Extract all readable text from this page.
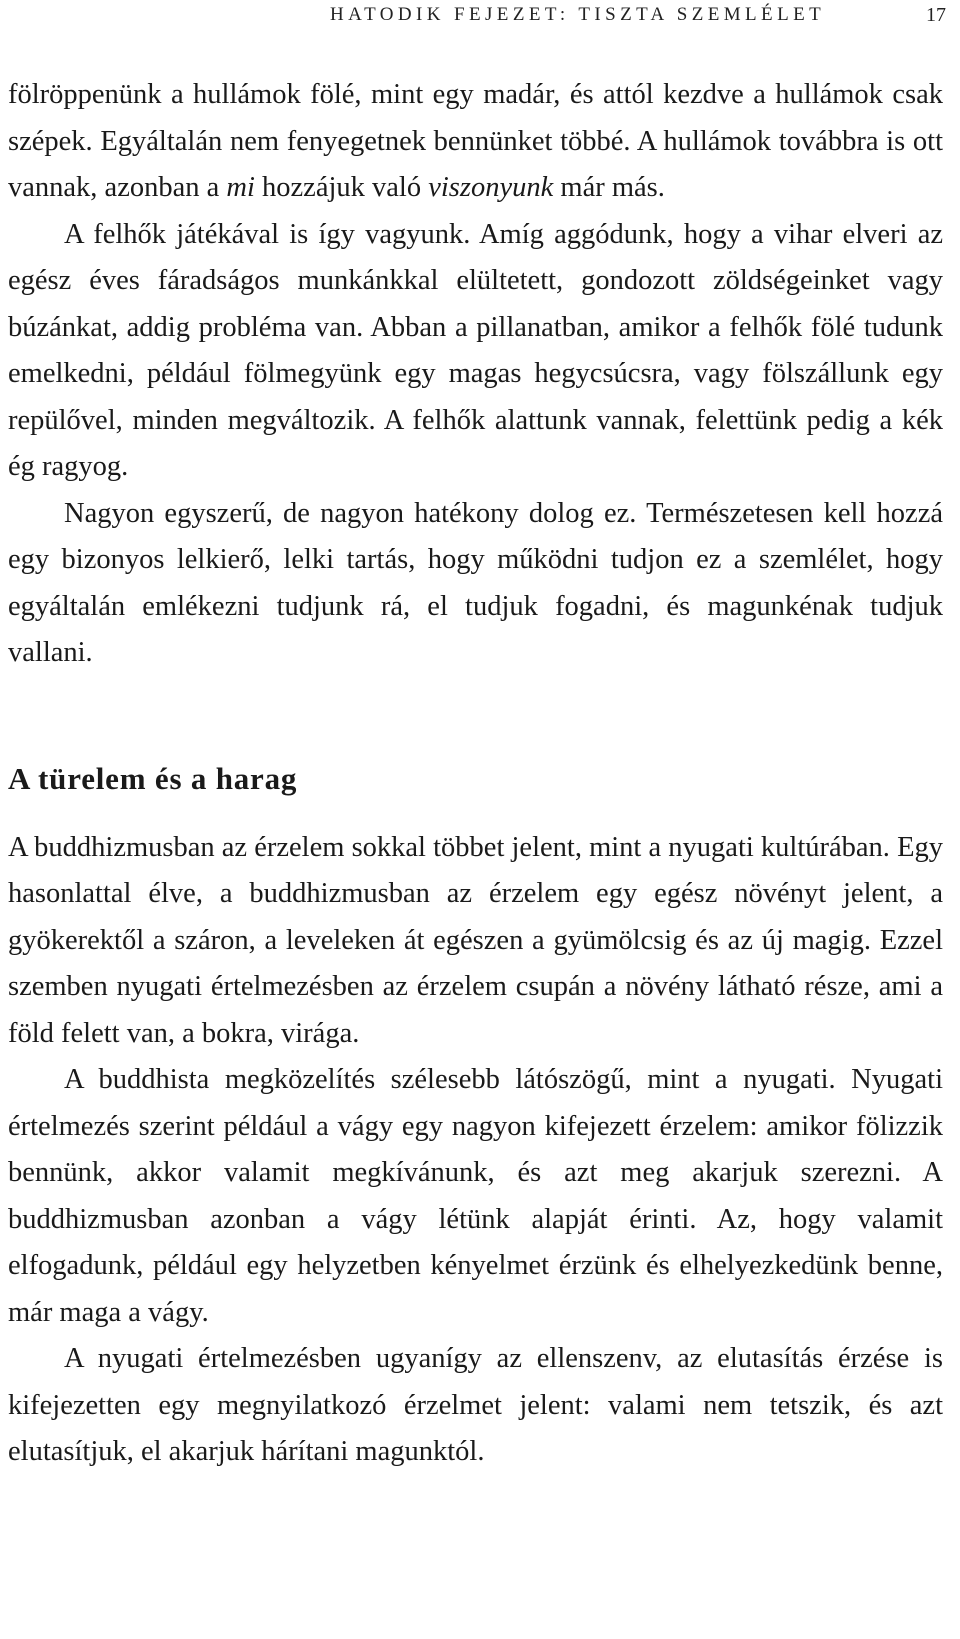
HATODIK FEJEZET: TISZTA SZEMLÉLET	17

fölröppenünk a hullámok fölé, mint egy madár, és attól kezdve a hullámok csak szépek. Egyáltalán nem fenyegetnek bennünket többé. A hullámok továbbra is ott vannak, azonban a mi hozzájuk való viszonyunk már más.

A felhők játékával is így vagyunk. Amíg aggódunk, hogy a vihar elveri az egész éves fáradságos munkánkkal elültetett, gondozott zöldségeinket vagy búzánkat, addig probléma van. Abban a pillanatban, amikor a felhők fölé tudunk emelkedni, például fölmegyünk egy magas hegycsúcsra, vagy fölszállunk egy repülővel, minden megváltozik. A felhők alattunk vannak, felettünk pedig a kék ég ragyog.

Nagyon egyszerű, de nagyon hatékony dolog ez. Természetesen kell hozzá egy bizonyos lelkierő, lelki tartás, hogy működni tudjon ez a szemlélet, hogy egyáltalán emlékezni tudjunk rá, el tudjuk fogadni, és magunkénak tudjuk vallani.

A türelem és a harag

A buddhizmusban az érzelem sokkal többet jelent, mint a nyugati kultúrában. Egy hasonlattal élve, a buddhizmusban az érzelem egy egész növényt jelent, a gyökerektől a száron, a leveleken át egészen a gyümölcsig és az új magig. Ezzel szemben nyugati értelmezésben az érzelem csupán a növény látható része, ami a föld felett van, a bokra, virága.

A buddhista megközelítés szélesebb látószögű, mint a nyugati. Nyugati értelmezés szerint például a vágy egy nagyon kifejezett érzelem: amikor fölizzik bennünk, akkor valamit megkívánunk, és azt meg akarjuk szerezni. A buddhizmusban azonban a vágy létünk alapját érinti. Az, hogy valamit elfogadunk, például egy helyzetben kényelmet érzünk és elhelyezkedünk benne, már maga a vágy.

A nyugati értelmezésben ugyanígy az ellenszenv, az elutasítás érzése is kifejezetten egy megnyilatkozó érzelmet jelent: valami nem tetszik, és azt elutasítjuk, el akarjuk hárítani magunktól.
